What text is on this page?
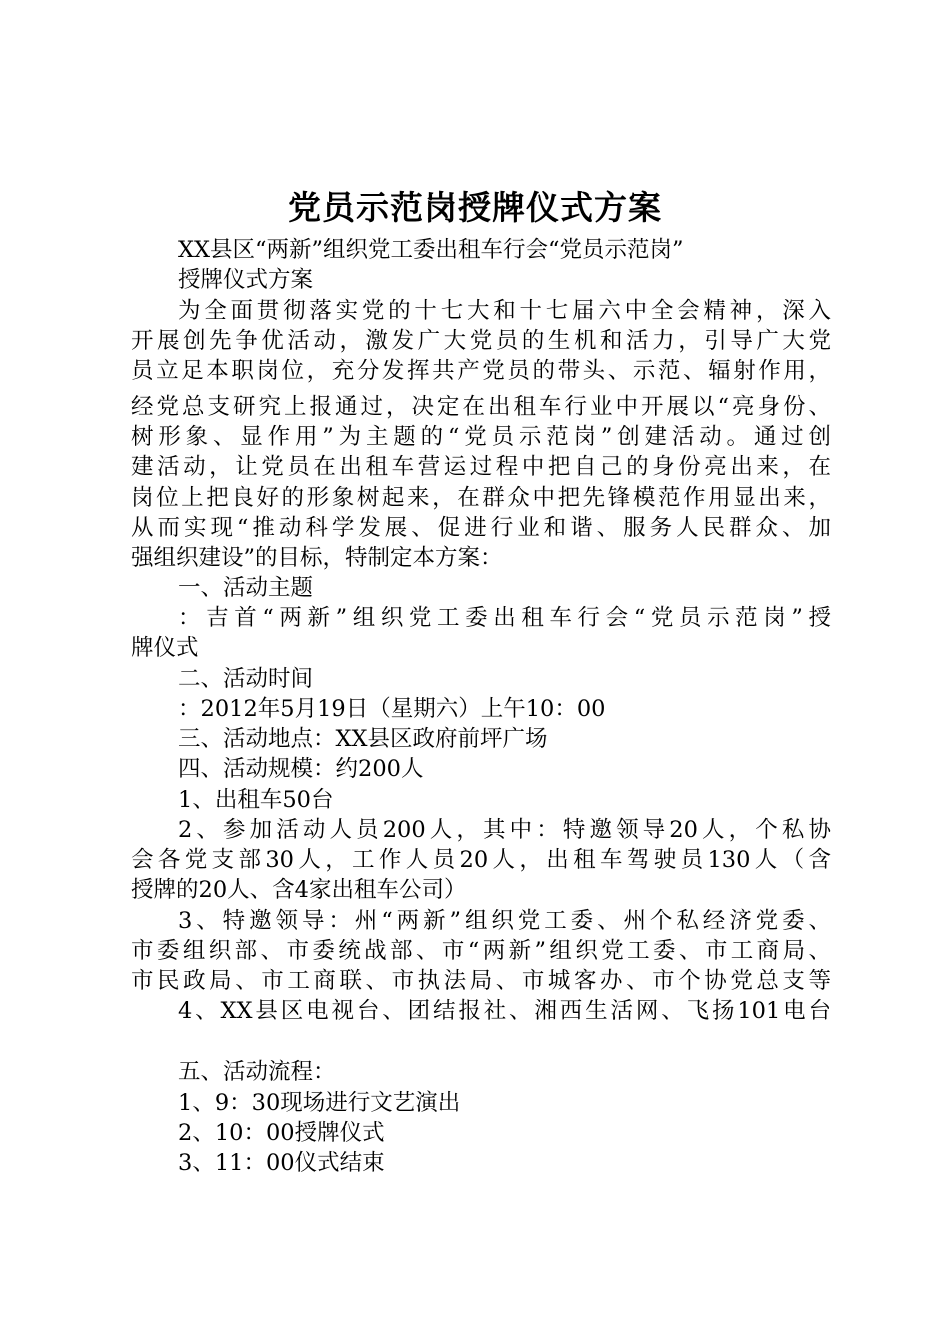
党员示范岗授牌仪式方案
XX县区“两新”组织党工委出租车行会“党员示范岗”
授牌仪式方案
为全面贯彻落实党的十七大和十七届六中全会精神，深入
开展创先争优活动，激发广大党员的生机和活力，引导广大党
员立足本职岗位，充分发挥共产党员的带头、示范、辐射作用，
经党总支研究上报通过，决定在出租车行业中开展以“亮身份、
树形象、显作用”为主题的“党员示范岗”创建活动。通过创
建活动，让党员在出租车营运过程中把自己的身份亮出来，在
岗位上把良好的形象树起来，在群众中把先锋模范作用显出来，
从而实现“推动科学发展、促进行业和谐、服务人民群众、加
强组织建设”的目标，特制定本方案：
一、活动主题
：吉首“两新”组织党工委出租车行会“党员示范岗”授
牌仪式
二、活动时间
：2012年5月19日（星期六）上午10：00
三、活动地点：XX县区政府前坪广场
四、活动规模：约200人
1、出租车50台
2、参加活动人员200人，其中：特邀领导20人，个私协
会各党支部30人，工作人员20人，出租车驾驶员130人（含
授牌的20人、含4家出租车公司）
3、特邀领导：州“两新”组织党工委、州个私经济党委、
市委组织部、市委统战部、市“两新”组织党工委、市工商局、
市民政局、市工商联、市执法局、市城客办、市个协党总支等
4、XX县区电视台、团结报社、湘西生活网、飞扬101电台
五、活动流程：
1、9：30现场进行文艺演出
2、10：00授牌仪式
3、11：00仪式结束
